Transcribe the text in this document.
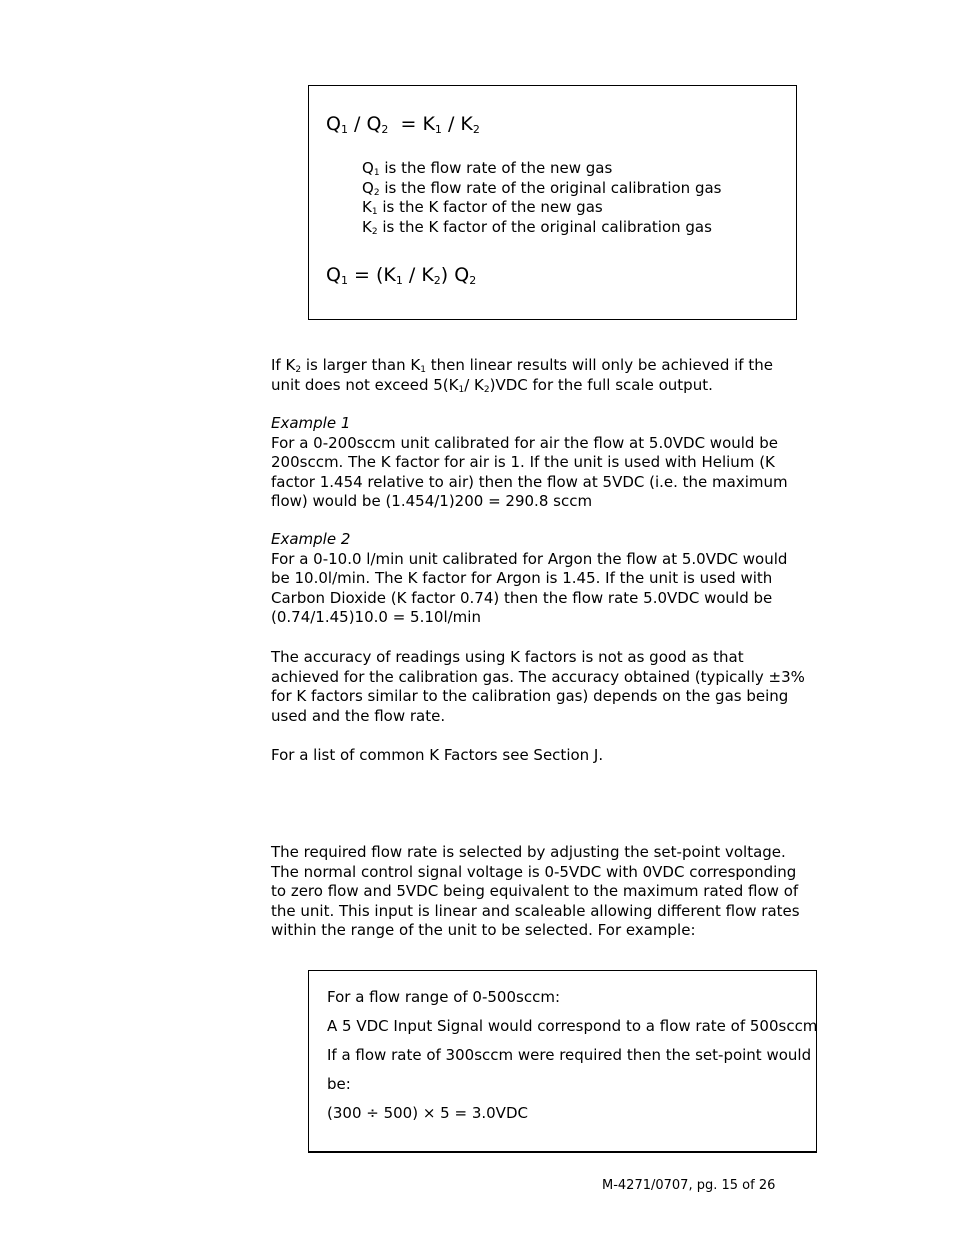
$Q_1 / Q_2 = K_1 / K_2$
$Q_1$ is the flow rate of the new gas
$Q_2$ is the flow rate of the original calibration gas
$K_1$ is the K factor of the new gas
$K_2$ is the K factor of the original calibration gas
$Q_1 = (K_1 / K_2)$ $Q_2$
If $K_2$ is larger than $K_1$ then linear results will only be achieved if the unit does not exceed $5(K_1/$ $K_2)VDC$ for the full scale output.

Example 1

For a 0-200sccm unit calibrated for air the flow at 5.0VDC would be 200sccm. The K factor for air is 1. If the unit is used with Helium (K factor 1.454 relative to air) then the flow at 5VDC (i.e. the maximum flow) would be (1.454/1)200 = 290.8 sccm

Example 2

For a 0-10.0 l/min unit calibrated for Argon the flow at 5.0VDC would be 10.0l/min. The K factor for Argon is 1.45. If the unit is used with Carbon Dioxide (K factor 0.74) then the flow rate 5.0VDC would be (0.74/1.45)10.0 = 5.10l/min

The accuracy of readings using K factors is not as good as that achieved for the calibration gas. The accuracy obtained (typically ±3% for K factors similar to the calibration gas) depends on the gas being used and the flow rate.
For a list of common K Factors see Section J.
The required flow rate is selected by adjusting the set-point voltage. The normal control signal voltage is 0-5VDC with 0VDC corresponding to zero flow and 5VDC being equivalent to the maximum rated flow of the unit. This input is linear and scaleable allowing different flow rates within the range of the unit to be selected. For example:
For a flow range of 0-500sccm:
A 5 VDC Input Signal would correspond to a flow rate of 500sccm
If a flow rate of 300sccm were required then the set-point would
be:
(300 ÷ 500) × 5 = 3.0VDC
M-4271/0707, pg. 15 of 26
